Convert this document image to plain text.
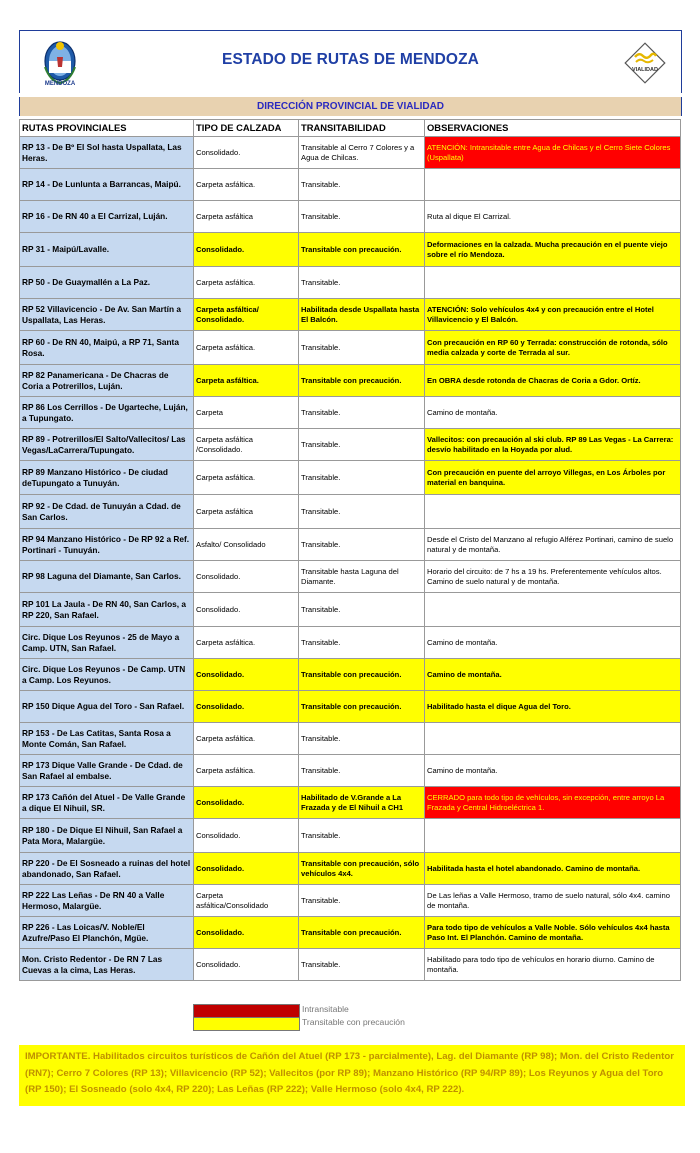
MENDOZA
ESTADO DE RUTAS DE MENDOZA
VIALIDAD
DIRECCIÓN PROVINCIAL DE VIALIDAD
RUTAS PROVINCIALES	TIPO DE CALZADA	TRANSITABILIDAD	OBSERVACIONES
RP 13 - De Bº El Sol hasta Uspallata, Las Heras.	Consolidado.	Transitable al Cerro 7 Colores y a Agua de Chilcas.	ATENCIÓN: Intransitable entre Agua de Chilcas y el Cerro Siete Colores (Uspallata)
RP 14 - De Lunlunta a Barrancas, Maipú.	Carpeta asfáltica.	Transitable.	
RP 16 - De RN 40 a El Carrizal, Luján.	Carpeta asfáltica	Transitable.	Ruta al dique El Carrizal.
RP 31 - Maipú/Lavalle.	Consolidado.	Transitable con precaución.	Deformaciones en la calzada. Mucha precaución en el puente viejo sobre el río Mendoza.
RP 50 - De Guaymallén a La Paz.	Carpeta asfáltica.	Transitable.	
RP 52 Villavicencio - De Av. San Martín a Uspallata, Las Heras.	Carpeta asfáltica/ Consolidado.	Habilitada desde Uspallata hasta El Balcón.	ATENCIÓN: Solo vehículos 4x4 y con precaución entre el Hotel Villavicencio y El Balcón.
RP 60 - De RN 40, Maipú, a RP 71, Santa Rosa.	Carpeta asfáltica.	Transitable.	Con precaución en RP 60 y Terrada: construcción de rotonda, sólo media calzada y corte de Terrada al sur.
RP 82 Panamericana - De Chacras de Coria a Potrerillos, Luján.	Carpeta asfáltica.	Transitable con precaución.	En OBRA desde rotonda de Chacras de Coria a Gdor. Ortíz.
RP 86 Los Cerrillos - De Ugarteche, Luján, a Tupungato.	Carpeta	Transitable.	Camino de montaña.
RP 89 - Potrerillos/El Salto/Vallecitos/ Las Vegas/LaCarrera/Tupungato.	Carpeta asfáltica /Consolidado.	Transitable.	Vallecitos: con precaución al ski club. RP 89 Las Vegas - La Carrera: desvío habilitado en la Hoyada por alud.
RP 89 Manzano Histórico - De ciudad deTupungato a Tunuyán.	Carpeta asfáltica.	Transitable.	Con precaución en puente del arroyo Villegas, en Los Árboles por material en banquina.
RP 92 - De Cdad. de Tunuyán a Cdad. de San Carlos.	Carpeta asfáltica	Transitable.	
RP 94 Manzano Histórico - De RP 92 a Ref. Portinari - Tunuyán.	Asfalto/ Consolidado	Transitable.	Desde el Cristo del Manzano al refugio Alférez Portinari, camino de suelo natural y de montaña.
RP 98 Laguna del Diamante, San Carlos.	Consolidado.	Transitable hasta Laguna del Diamante.	Horario del circuito: de 7 hs a 19 hs. Preferentemente vehículos altos. Camino de suelo natural y de montaña.
RP 101 La Jaula - De RN 40, San Carlos, a RP 220, San Rafael.	Consolidado.	Transitable.	
Circ. Dique Los Reyunos - 25 de Mayo a Camp. UTN, San Rafael.	Carpeta asfáltica.	Transitable.	Camino de montaña.
Circ. Dique Los Reyunos - De Camp. UTN a Camp. Los Reyunos.	Consolidado.	Transitable con precaución.	Camino de montaña.
RP 150 Dique Agua del Toro - San Rafael.	Consolidado.	Transitable con precaución.	Habilitado hasta el dique Agua del Toro.
RP 153 - De Las Catitas, Santa Rosa a Monte Comán, San Rafael.	Carpeta asfáltica.	Transitable.	
RP 173 Dique Valle Grande - De Cdad. de San Rafael al embalse.	Carpeta asfáltica.	Transitable.	Camino de montaña.
RP 173 Cañón del Atuel - De Valle Grande a dique El Nihuil, SR.	Consolidado.	Habilitado de V.Grande a La Frazada y de El Nihuil a CH1	CERRADO para todo tipo de vehículos, sin excepción, entre arroyo La Frazada y Central Hidroeléctrica 1.
RP 180 - De Dique El Nihuil, San Rafael a Pata Mora, Malargüe.	Consolidado.	Transitable.	
RP 220 - De El Sosneado a ruinas del hotel abandonado, San Rafael.	Consolidado.	Transitable con precaución, sólo vehículos 4x4.	Habilitada hasta el hotel abandonado. Camino de montaña.
RP 222 Las Leñas - De RN 40 a Valle Hermoso, Malargüe.	Carpeta asfáltica/Consolidado	Transitable.	De Las leñas a Valle Hermoso, tramo de suelo natural, sólo 4x4. camino de montaña.
RP 226 - Las Loicas/V. Noble/El Azufre/Paso El Planchón, Mgüe.	Consolidado.	Transitable con precaución.	Para todo tipo de vehículos a Valle Noble. Sólo vehículos 4x4 hasta Paso Int. El Planchón. Camino de montaña.
Mon. Cristo Redentor - De RN 7 Las Cuevas a la cima, Las Heras.	Consolidado.	Transitable.	Habilitado para todo tipo de vehículos en horario diurno. Camino de montaña.
Intransitable
Transitable con precaución
IMPORTANTE. Habilitados circuitos turísticos de Cañón del Atuel (RP 173 - parcialmente), Lag. del Diamante (RP 98); Mon. del Cristo Redentor (RN7); Cerro 7 Colores (RP 13); Villavicencio (RP 52); Vallecitos (por RP 89); Manzano Histórico (RP 94/RP 89); Los Reyunos y Agua del Toro (RP 150); El Sosneado (solo 4x4, RP 220); Las Leñas (RP 222); Valle Hermoso (solo 4x4, RP 222).
